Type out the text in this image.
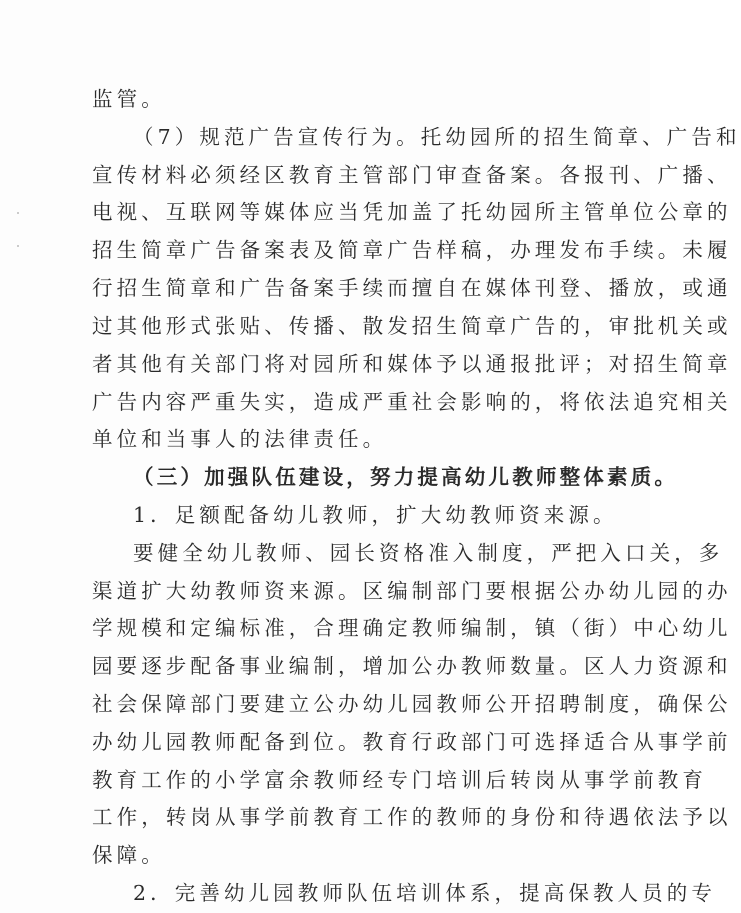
监管。
（7）规范广告宣传行为。托幼园所的招生简章、广告和
宣传材料必须经区教育主管部门审查备案。各报刊、广播、
电视、互联网等媒体应当凭加盖了托幼园所主管单位公章的
招生简章广告备案表及简章广告样稿，办理发布手续。未履
行招生简章和广告备案手续而擅自在媒体刊登、播放，或通
过其他形式张贴、传播、散发招生简章广告的，审批机关或
者其他有关部门将对园所和媒体予以通报批评；对招生简章
广告内容严重失实，造成严重社会影响的，将依法追究相关
单位和当事人的法律责任。
（三）加强队伍建设，努力提高幼儿教师整体素质。
1．足额配备幼儿教师，扩大幼教师资来源。
要健全幼儿教师、园长资格准入制度，严把入口关，多
渠道扩大幼教师资来源。区编制部门要根据公办幼儿园的办
学规模和定编标准，合理确定教师编制，镇（街）中心幼儿
园要逐步配备事业编制，增加公办教师数量。区人力资源和
社会保障部门要建立公办幼儿园教师公开招聘制度，确保公
办幼儿园教师配备到位。教育行政部门可选择适合从事学前
教育工作的小学富余教师经专门培训后转岗从事学前教育
工作，转岗从事学前教育工作的教师的身份和待遇依法予以
保障。
2．完善幼儿园教师队伍培训体系，提高保教人员的专
